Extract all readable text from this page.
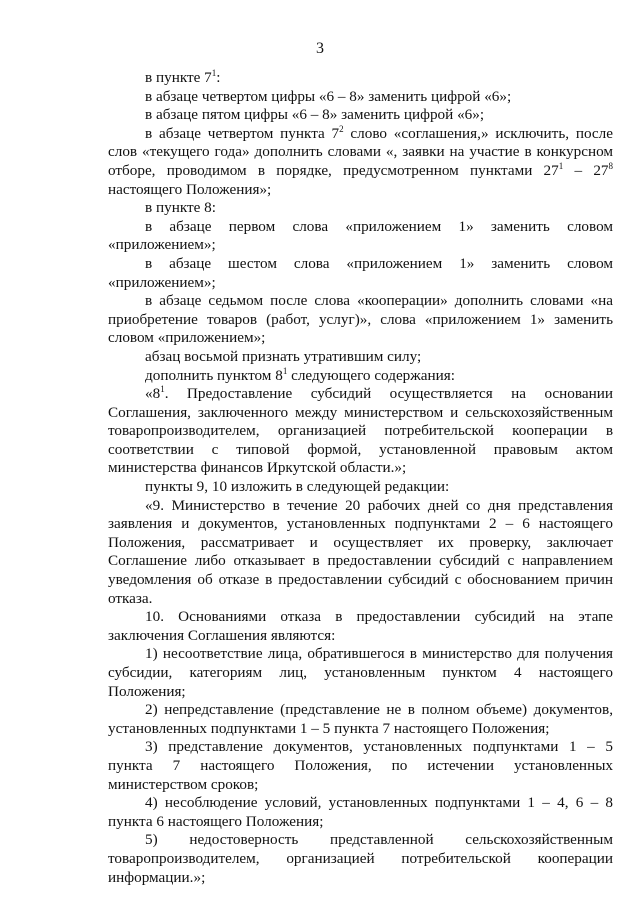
3

в пункте $7^1$:

в абзаце четвертом цифры «6 – 8» заменить цифрой «6»;

в абзаце пятом цифры «6 – 8» заменить цифрой «6»;

в абзаце четвертом пункта $7^2$ слово «соглашения,» исключить, после слов «текущего года» дополнить словами «, заявки на участие в конкурсном отборе, проводимом в порядке, предусмотренном пунктами $27^1 - 27^8$ настоящего Положения»;

в пункте 8:

в абзаце первом слова «приложением 1» заменить словом «приложением»;

в абзаце шестом слова «приложением 1» заменить словом «приложением»;

в абзаце седьмом после слова «кооперации» дополнить словами «на приобретение товаров (работ, услуг)», слова «приложением 1» заменить словом «приложением»;

абзац восьмой признать утратившим силу;

дополнить пунктом $8^1$ следующего содержания:

«$8^1$. Предоставление субсидий осуществляется на основании Соглашения, заключенного между министерством и сельскохозяйственным товаропроизводителем, организацией потребительской кооперации в соответствии с типовой формой, установленной правовым актом министерства финансов Иркутской области.»;

пункты 9, 10 изложить в следующей редакции:

«9. Министерство в течение 20 рабочих дней со дня представления заявления и документов, установленных подпунктами 2 – 6 настоящего Положения, рассматривает и осуществляет их проверку, заключает Соглашение либо отказывает в предоставлении субсидий с направлением уведомления об отказе в предоставлении субсидий с обоснованием причин отказа.

10. Основаниями отказа в предоставлении субсидий на этапе заключения Соглашения являются:

1) несоответствие лица, обратившегося в министерство для получения субсидии, категориям лиц, установленным пунктом 4 настоящего Положения;

2) непредставление (представление не в полном объеме) документов, установленных подпунктами 1 – 5 пункта 7 настоящего Положения;

3) представление документов, установленных подпунктами 1 – 5 пункта 7 настоящего Положения, по истечении установленных министерством сроков;

4) несоблюдение условий, установленных подпунктами 1 – 4, 6 – 8 пункта 6 настоящего Положения;

5) недостоверность представленной сельскохозяйственным товаропроизводителем, организацией потребительской кооперации информации.»;
